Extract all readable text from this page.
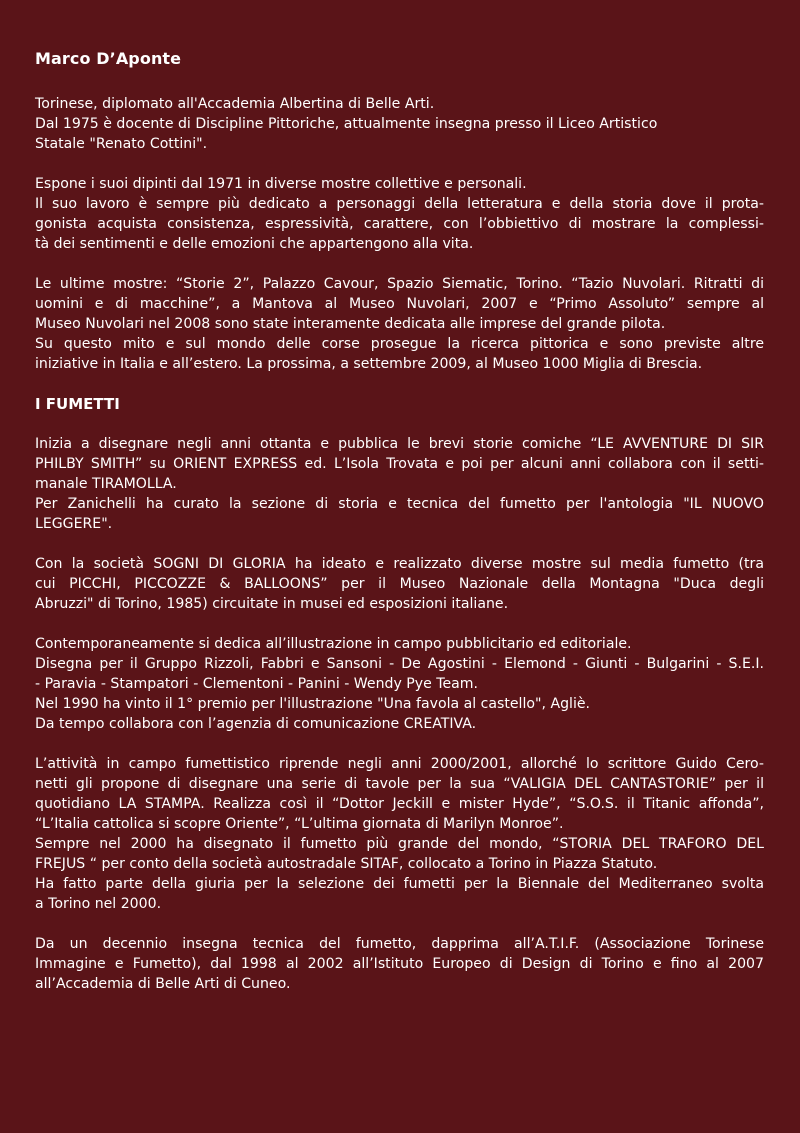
Marco D’Aponte
Torinese, diplomato all'Accademia Albertina di Belle Arti.
Dal 1975 è docente di Discipline Pittoriche, attualmente insegna presso il Liceo Artistico
Statale "Renato Cottini".
Espone i suoi dipinti dal 1971 in diverse mostre collettive e personali.
Il suo lavoro è sempre più dedicato a personaggi della letteratura e della storia dove il prota-
gonista acquista consistenza, espressività, carattere, con l’obbiettivo di mostrare la complessi-
tà dei sentimenti e delle emozioni che appartengono alla vita.
Le ultime mostre: “Storie 2”, Palazzo Cavour, Spazio Siematic, Torino. “Tazio Nuvolari. Ritratti di
uomini e di macchine”, a Mantova al Museo Nuvolari, 2007 e “Primo Assoluto” sempre al
Museo Nuvolari nel 2008 sono state interamente dedicata alle imprese del grande pilota.
Su questo mito e sul mondo delle corse prosegue la ricerca pittorica e sono previste altre
iniziative in Italia e all’estero. La prossima, a settembre 2009, al Museo 1000 Miglia di Brescia.
I FUMETTI
Inizia a disegnare negli anni ottanta e pubblica le brevi storie comiche “LE AVVENTURE DI SIR
PHILBY SMITH” su ORIENT EXPRESS ed. L’Isola Trovata e poi per alcuni anni collabora con il setti-
manale TIRAMOLLA.
Per Zanichelli ha curato la sezione di storia e tecnica del fumetto per l'antologia "IL NUOVO
LEGGERE".
Con la società SOGNI DI GLORIA ha ideato e realizzato diverse mostre sul media fumetto (tra
cui PICCHI, PICCOZZE & BALLOONS” per il Museo Nazionale della Montagna "Duca degli
Abruzzi" di Torino, 1985) circuitate in musei ed esposizioni italiane.
Contemporaneamente si dedica all’illustrazione in campo pubblicitario ed editoriale.
Disegna per il Gruppo Rizzoli, Fabbri e Sansoni - De Agostini - Elemond - Giunti - Bulgarini - S.E.I.
- Paravia - Stampatori - Clementoni - Panini - Wendy Pye Team.
Nel 1990 ha vinto il 1° premio per l'illustrazione "Una favola al castello", Agliè.
Da tempo collabora con l’agenzia di comunicazione CREATIVA.
L’attività in campo fumettistico riprende negli anni 2000/2001, allorché lo scrittore Guido Cero-
netti gli propone di disegnare una serie di tavole per la sua “VALIGIA DEL CANTASTORIE” per il
quotidiano LA STAMPA. Realizza così il “Dottor Jeckill e mister Hyde”, “S.O.S. il Titanic affonda”,
“L’Italia cattolica si scopre Oriente”, “L’ultima giornata di Marilyn Monroe”.
Sempre nel 2000 ha disegnato il fumetto più grande del mondo, “STORIA DEL TRAFORO DEL
FREJUS “ per conto della società autostradale SITAF, collocato a Torino in Piazza Statuto.
Ha fatto parte della giuria per la selezione dei fumetti per la Biennale del Mediterraneo svolta
a Torino nel 2000.
Da un decennio insegna tecnica del fumetto, dapprima all’A.T.I.F. (Associazione Torinese
Immagine e Fumetto), dal 1998 al 2002 all’Istituto Europeo di Design di Torino e fino al 2007
all’Accademia di Belle Arti di Cuneo.
